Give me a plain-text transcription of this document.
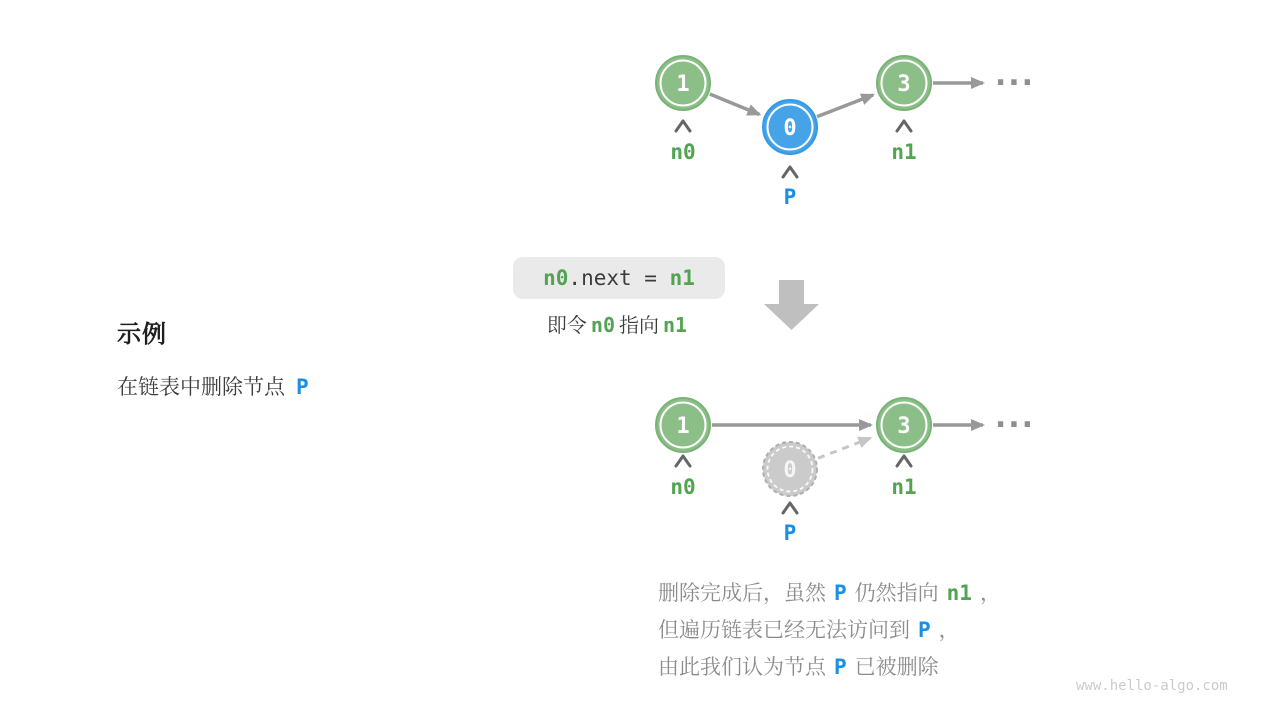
示例
在链表中删除节点 P
1
0
3	...
n0
P
n1
n0 .next = n1
即令 n0 指向 n1
1
0
3	...
n0
P
n1
删除完成后，虽然 P 仍然指向 n1 ，
但遍历链表已经无法访问到 P ，
由此我们认为节点 P 已被删除
www.hello-algo.com
